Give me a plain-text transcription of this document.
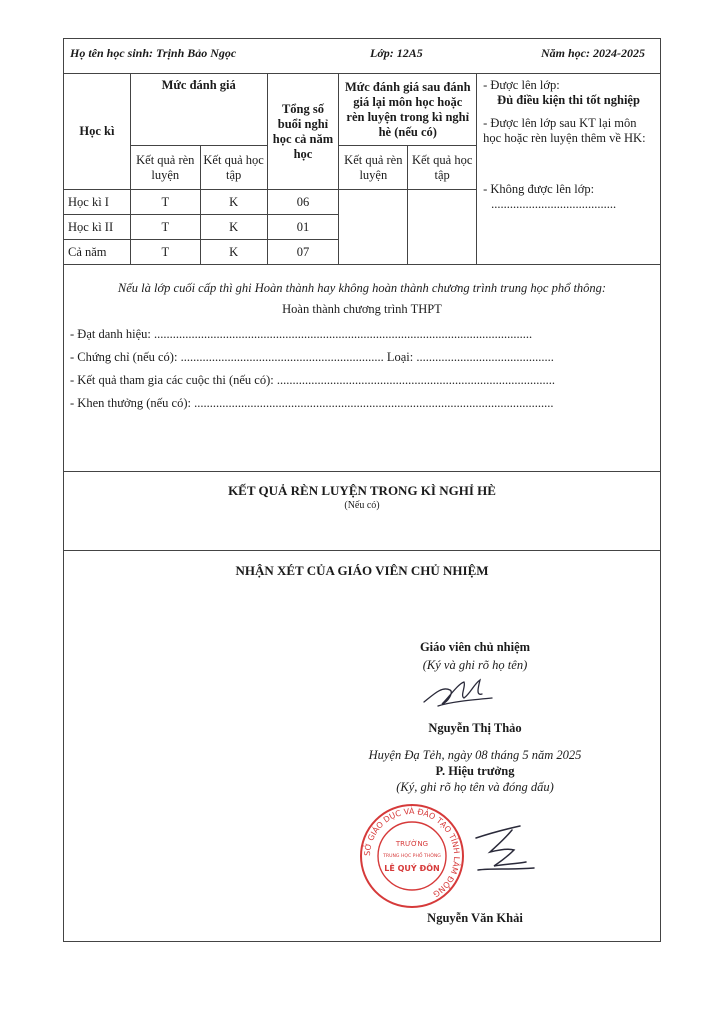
Họ tên học sinh: Trịnh Bảo Ngọc	Lớp: 12A5	Năm học: 2024-2025
Học kì	Mức đánh giá		Tổng số buổi nghỉ học cả năm học	Mức đánh giá sau đánh giá lại môn học hoặc rèn luyện trong kì nghỉ hè (nếu có)		- Được lên lớp:
Đủ điều kiện thi tốt nghiệp
- Được lên lớp sau KT lại môn học hoặc rèn luyện thêm về HK:
- Không được lên lớp:
........................................

	Kết quả rèn luyện	Kết quả học tập		Kết quả rèn luyện	Kết quả học tập	
Học kì I	T	K	06			
Học kì II	T	K	01			
Cả năm	T	K	07			
Nếu là lớp cuối cấp thì ghi Hoàn thành hay không hoàn thành chương trình trung học phổ thông:
Hoàn thành chương trình THPT
- Đạt danh hiệu: .........................................................................................................................
- Chứng chỉ (nếu có): ................................................................. Loại: ............................................
- Kết quả tham gia các cuộc thi (nếu có): .........................................................................................
- Khen thưởng (nếu có): ...................................................................................................................
KẾT QUẢ RÈN LUYỆN TRONG KÌ NGHỈ HÈ
(Nếu có)
NHẬN XÉT CỦA GIÁO VIÊN CHỦ NHIỆM
Giáo viên chủ nhiệm
(Ký và ghi rõ họ tên)
Nguyễn Thị Thảo
Huyện Đạ Tẻh, ngày 08 tháng 5 năm 2025
P. Hiệu trưởng
(Ký, ghi rõ họ tên và đóng dấu)
SỞ GIÁO DỤC VÀ ĐÀO TẠO TỈNH LÂM ĐỒNG
TRƯỜNG
TRUNG HỌC PHỔ THÔNG
LÊ QUÝ ĐÔN
Nguyễn Văn Khải
